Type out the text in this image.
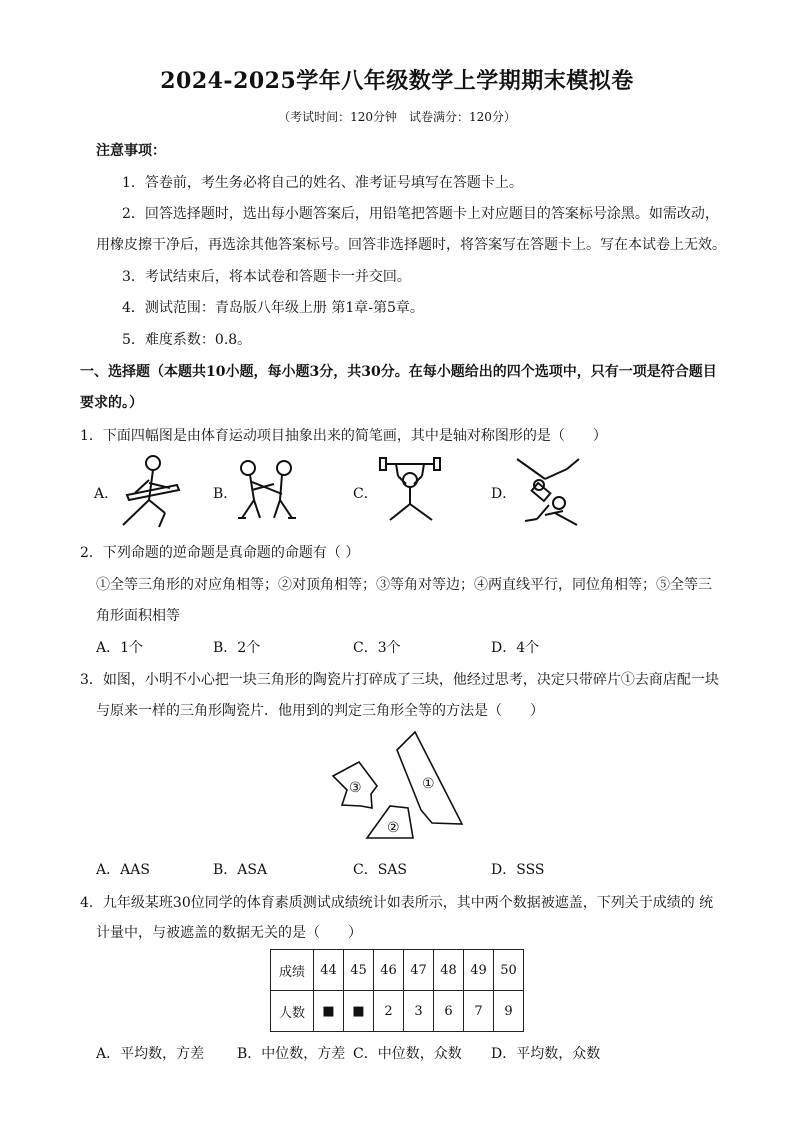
2024-2025学年八年级数学上学期期末模拟卷
（考试时间：120分钟　试卷满分：120分）
注意事项：
1．答卷前，考生务必将自己的姓名、准考证号填写在答题卡上。
2．回答选择题时，选出每小题答案后，用铅笔把答题卡上对应题目的答案标号涂黑。如需改动，
用橡皮擦干净后，再选涂其他答案标号。回答非选择题时，将答案写在答题卡上。写在本试卷上无效。
3．考试结束后，将本试卷和答题卡一并交回。
4．测试范围：青岛版八年级上册 第1章-第5章。
5．难度系数：0.8。
一、选择题（本题共10小题，每小题3分，共30分。在每小题给出的四个选项中，只有一项是符合题目
要求的。）
1．下面四幅图是由体育运动项目抽象出来的简笔画，其中是轴对称图形的是（　　）
A．	B．	C．	D．
2．下列命题的逆命题是真命题的命题有（ ）
①全等三角形的对应角相等；②对顶角相等；③等角对等边；④两直线平行，同位角相等；⑤全等三
角形面积相等
A．1个	B．2个	C．3个	D．4个
3．如图，小明不小心把一块三角形的陶瓷片打碎成了三块，他经过思考，决定只带碎片①去商店配一块
与原来一样的三角形陶瓷片．他用到的判定三角形全等的方法是（　　）
①
②
③
A．AAS	B．ASA	C．SAS	D．SSS
4．九年级某班30位同学的体育素质测试成绩统计如表所示，其中两个数据被遮盖，下列关于成绩的 统
计量中，与被遮盖的数据无关的是（　　）
成绩	44	45	46	47	48	49	50
人数	■	■	2	3	6	7	9
A．平均数，方差 B．中位数，方差 C．中位数，众数 D．平均数，众数
